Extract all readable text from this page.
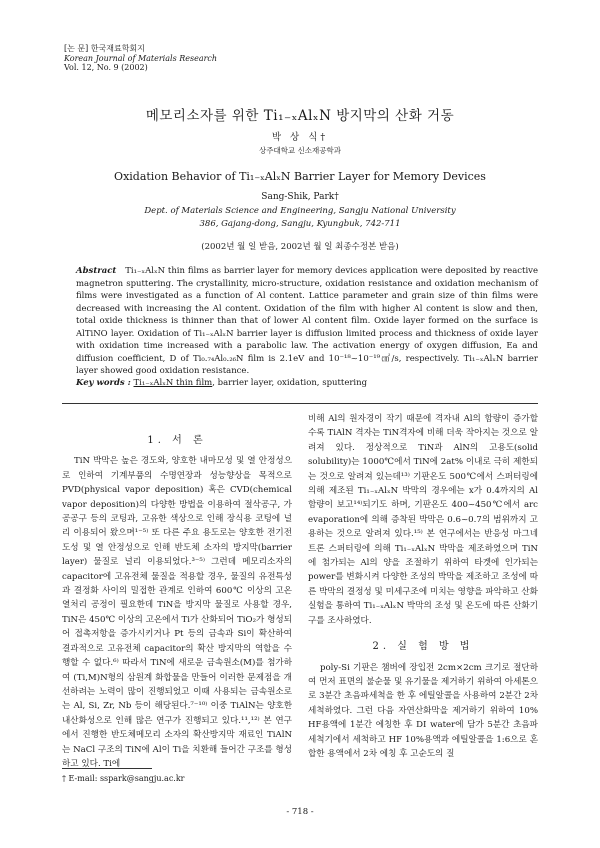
[논 문] 한국재료학회지
Korean Journal of Materials Research
Vol. 12, No. 9 (2002)
메모리소자를 위한 Ti₁₋ₓAlₓN 방지막의 산화 거동
박 상 식†
상주대학교 신소재공학과
Oxidation Behavior of Ti₁₋ₓAlₓN Barrier Layer for Memory Devices
Sang-Shik, Park†
Dept. of Materials Science and Engineering, Sangju National University
386, Gajang-dong, Sangju, Kyungbuk, 742-711
(2002년 월 일 받음, 2002년 월 일 최종수정본 받음)
Abstract Ti₁₋ₓAlₓN thin films as barrier layer for memory devices application were deposited by reactive magnetron sputtering. The crystallinity, micro-structure, oxidation resistance and oxidation mechanism of films were investigated as a function of Al content. Lattice parameter and grain size of thin films were decreased with increasing the Al content. Oxidation of the film with higher Al content is slow and then, total oxide thickness is thinner than that of lower Al content film. Oxide layer formed on the surface is AlTiNO layer. Oxidation of Ti₁₋ₓAlₓN barrier layer is diffusion limited process and thickness of oxide layer with oxidation time increased with a parabolic law. The activation energy of oxygen diffusion, Ea and diffusion coefficient, D of Ti₀.₇₄Al₀.₂₆N film is 2.1eV and 10⁻¹⁸~10⁻¹⁹㎠/s, respectively. Ti₁₋ₓAlₓN barrier layer showed good oxidation resistance.
Key words : Ti₁₋ₓAlₓN thin film, barrier layer, oxidation, sputtering
1. 서 론

TiN 박막은 높은 경도와, 양호한 내마모성 및 열 안정성으로 인하여 기계부품의 수명연장과 성능향상을 목적으로 PVD(physical vapor deposition) 혹은 CVD(chemical vapor deposition)의 다양한 방법을 이용하여 절삭공구, 가공공구 등의 코팅과, 고유한 색상으로 인해 장식용 코팅에 널리 이용되어 왔으며¹⁻⁵⁾ 또 다른 주요 용도로는 양호한 전기전도성 및 열 안정성으로 인해 반도체 소자의 방지막(barrier layer) 물질로 널리 이용되었다.³⁻⁵⁾ 그런데 메모리소자의 capacitor에 고유전체 물질을 적용할 경우, 물질의 유전특성과 결정화 사이의 밀접한 관계로 인하여 600℃ 이상의 고온 열처리 공정이 필요한데 TiN을 방지막 물질로 사용할 경우, TiN은 450℃ 이상의 고온에서 Ti가 산화되어 TiO₂가 형성되어 접촉저항을 증가시키거나 Pt 등의 금속과 Si이 확산하여 결과적으로 고유전체 capacitor의 확산 방지막의 역할을 수행할 수 없다.⁶⁾ 따라서 TiN에 새로운 금속원소(M)를 첨가하여 (Ti,M)N형의 삼원계 화합물을 만들어 이러한 문제점을 개선하려는 노력이 많이 진행되었고 이때 사용되는 금속원소로는 Al, Si, Zr, Nb 등이 해당된다.⁷⁻¹⁰⁾ 이중 TiAlN는 양호한 내산화성으로 인해 많은 연구가 진행되고 있다.¹¹,¹²⁾ 본 연구에서 진행한 반도체메모리 소자의 확산방지막 재료인 TiAlN는 NaCl 구조의 TiN에 Al이 Ti을 치환해 들어간 구조를 형성하고 있다. Ti에

비해 Al의 원자경이 작기 때문에 격자내 Al의 함량이 증가할수록 TiAlN 격자는 TiN격자에 비해 더욱 작아지는 것으로 알려져 있다. 정상적으로 TiN과 AlN의 고용도(solid solubility)는 1000℃에서 TiN에 2at% 이내로 극히 제한되는 것으로 알려져 있는데¹³⁾ 기판온도 500℃에서 스퍼터링에 의해 제조된 Ti₁₋ₓAlₓN 박막의 경우에는 x가 0.4까지의 Al 함량이 보고¹⁴⁾되기도 하며, 기판온도 400~450℃에서 arc evaporation에 의해 증착된 박막은 0.6~0.7의 범위까지 고용하는 것으로 알려져 있다.¹⁵⁾ 본 연구에서는 반응성 마그네트론 스퍼터링에 의해 Ti₁₋ₓAlₓN 박막을 제조하였으며 TiN에 첨가되는 Al의 양을 조절하기 위하여 타겟에 인가되는 power를 변화시켜 다양한 조성의 박막을 제조하고 조성에 따른 박막의 결정성 및 미세구조에 미치는 영향을 파악하고 산화실험을 통하여 Ti₁₋ₓAlₓN 박막의 조성 및 온도에 따른 산화기구를 조사하였다.

2. 실 험 방 법

poly-Si 기판은 챔버에 장입전 2cm×2cm 크기로 절단하여 먼저 표면의 불순물 및 유기물을 제거하기 위하여 아세톤으로 3분간 초음파세척을 한 후 에틸알콜을 사용하여 2분간 2차 세척하였다. 그런 다음 자연산화막을 제거하기 위하여 10% HF용액에 1분간 에칭한 후 DI water에 담가 5분간 초음파 세척기에서 세척하고 HF 10%용액과 에틸알콜을 1:6으로 혼합한 용액에서 2차 에칭 후 고순도의 질

† E-mail: sspark@sangju.ac.kr
- 718 -
